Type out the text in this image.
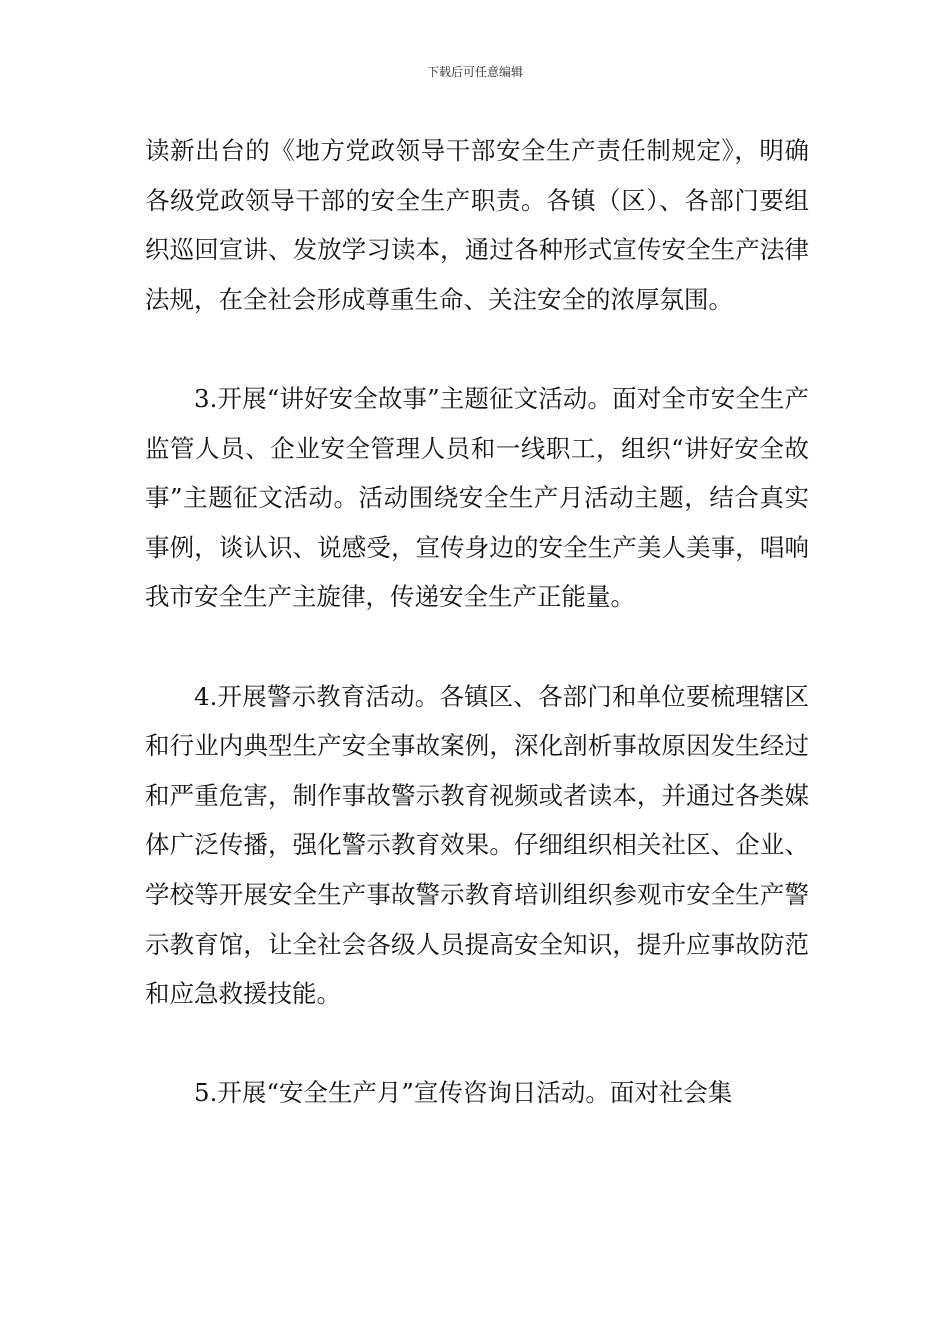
下载后可任意编辑

读新出台的《地方党政领导干部安全生产责任制规定》，明确各级党政领导干部的安全生产职责。各镇（区）、各部门要组织巡回宣讲、发放学习读本，通过各种形式宣传安全生产法律法规，在全社会形成尊重生命、关注安全的浓厚氛围。

3.开展“讲好安全故事”主题征文活动。面对全市安全生产监管人员、企业安全管理人员和一线职工，组织“讲好安全故事”主题征文活动。活动围绕安全生产月活动主题，结合真实事例，谈认识、说感受，宣传身边的安全生产美人美事，唱响我市安全生产主旋律，传递安全生产正能量。

4.开展警示教育活动。各镇区、各部门和单位要梳理辖区和行业内典型生产安全事故案例，深化剖析事故原因发生经过和严重危害，制作事故警示教育视频或者读本，并通过各类媒体广泛传播，强化警示教育效果。仔细组织相关社区、企业、学校等开展安全生产事故警示教育培训组织参观市安全生产警示教育馆，让全社会各级人员提高安全知识，提升应事故防范和应急救援技能。

5.开展“安全生产月”宣传咨询日活动。面对社会集
